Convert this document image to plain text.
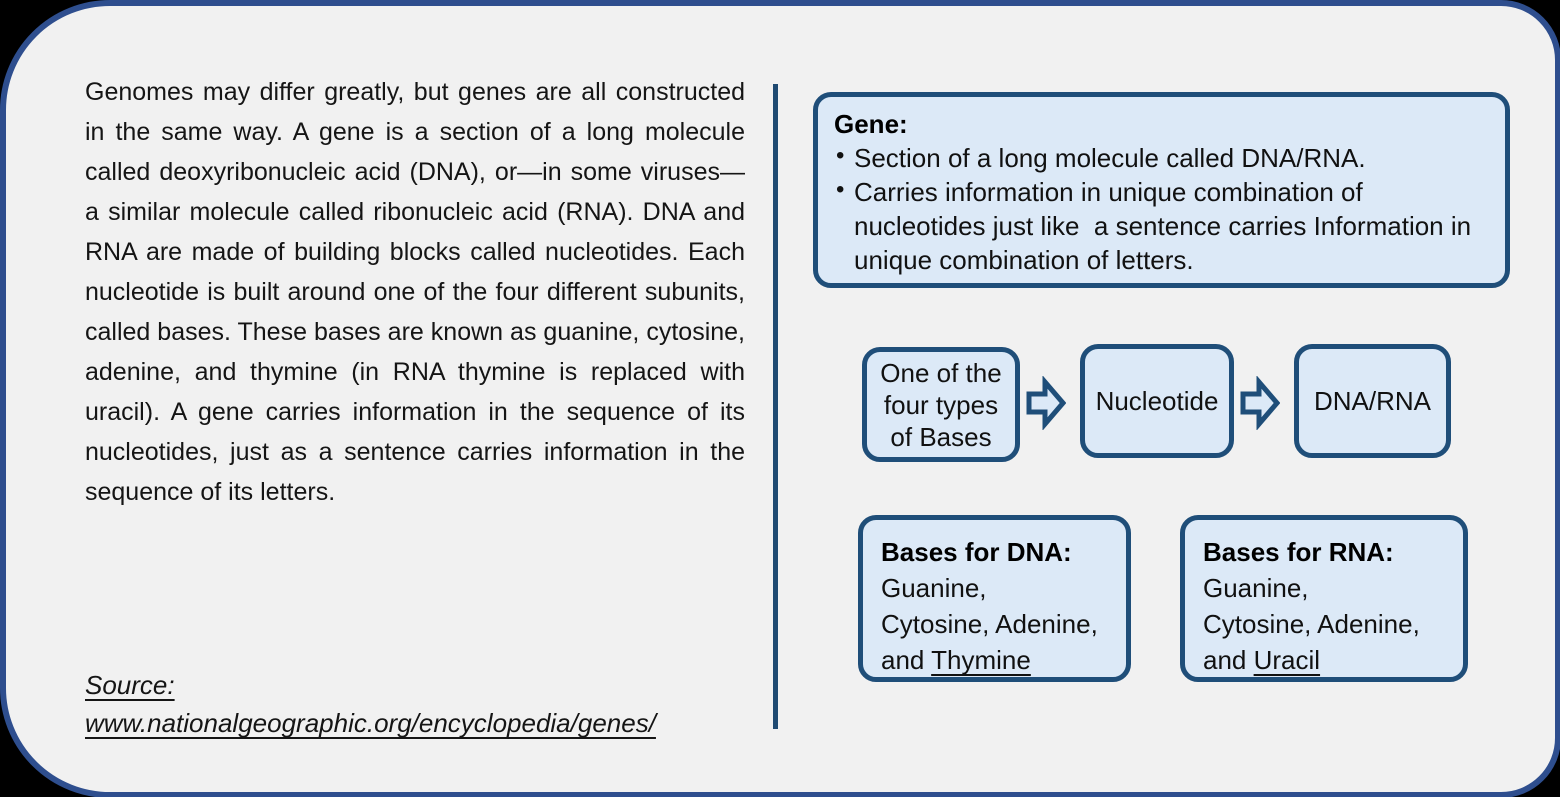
Genomes may differ greatly, but genes are all constructed in the same way. A gene is a section of a long molecule called deoxyribonucleic acid (DNA), or—in some viruses—a similar molecule called ribonucleic acid (RNA). DNA and RNA are made of building blocks called nucleotides. Each nucleotide is built around one of the four different subunits, called bases. These bases are known as guanine, cytosine, adenine, and thymine (in RNA thymine is replaced with uracil). A gene carries information in the sequence of its nucleotides, just as a sentence carries information in the sequence of its letters.
Source:
www.nationalgeographic.org/encyclopedia/genes/
Gene:
• Section of a long molecule called DNA/RNA.
• Carries information in unique combination of nucleotides just like  a sentence carries Information in unique combination of letters.
One of the four types of Bases
Nucleotide	DNA/RNA
Bases for DNA:
Guanine,
Cytosine, Adenine,
and Thymine
Bases for RNA:
Guanine,
Cytosine, Adenine,
and Uracil
